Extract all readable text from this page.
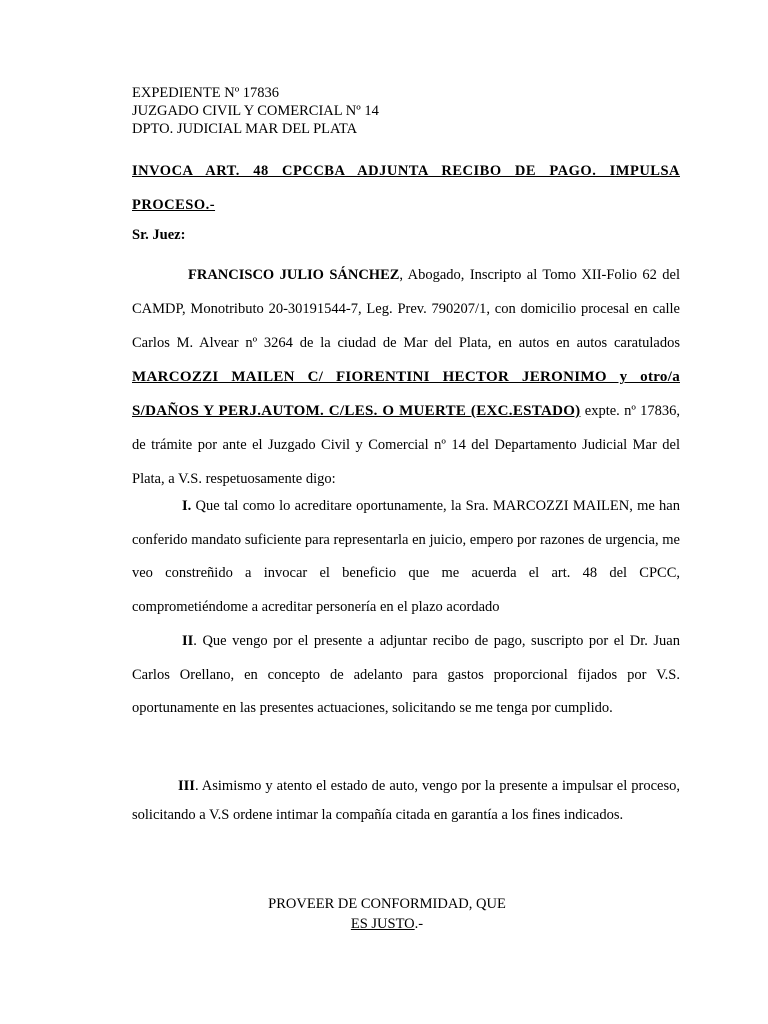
EXPEDIENTE Nº 17836
JUZGADO CIVIL Y COMERCIAL Nº 14
DPTO. JUDICIAL MAR DEL PLATA
INVOCA ART. 48 CPCCBA ADJUNTA RECIBO DE PAGO. IMPULSA PROCESO.-
Sr. Juez:
FRANCISCO JULIO SÁNCHEZ, Abogado, Inscripto al Tomo XII-Folio 62 del CAMDP, Monotributo 20-30191544-7, Leg. Prev. 790207/1, con domicilio procesal en calle Carlos M. Alvear nº 3264 de la ciudad de Mar del Plata, en autos en autos caratulados MARCOZZI MAILEN C/ FIORENTINI HECTOR JERONIMO y otro/a S/DAÑOS Y PERJ.AUTOM. C/LES. O MUERTE (EXC.ESTADO) expte. nº 17836, de trámite por ante el Juzgado Civil y Comercial nº 14 del Departamento Judicial Mar del Plata, a V.S. respetuosamente digo:
I. Que tal como lo acreditare oportunamente, la Sra. MARCOZZI MAILEN, me han conferido mandato suficiente para representarla en juicio, empero por razones de urgencia, me veo constreñido a invocar el beneficio que me acuerda el art. 48 del CPCC, comprometiéndome a acreditar personería en el plazo acordado
II. Que vengo por el presente a adjuntar recibo de pago, suscripto por el Dr. Juan Carlos Orellano, en concepto de adelanto para gastos proporcional fijados por V.S. oportunamente en las presentes actuaciones, solicitando se me tenga por cumplido.
III. Asimismo y atento el estado de auto, vengo por la presente a impulsar el proceso, solicitando a V.S ordene intimar la compañía citada en garantía a los fines indicados.
PROVEER DE CONFORMIDAD, QUE
ES JUSTO.-
